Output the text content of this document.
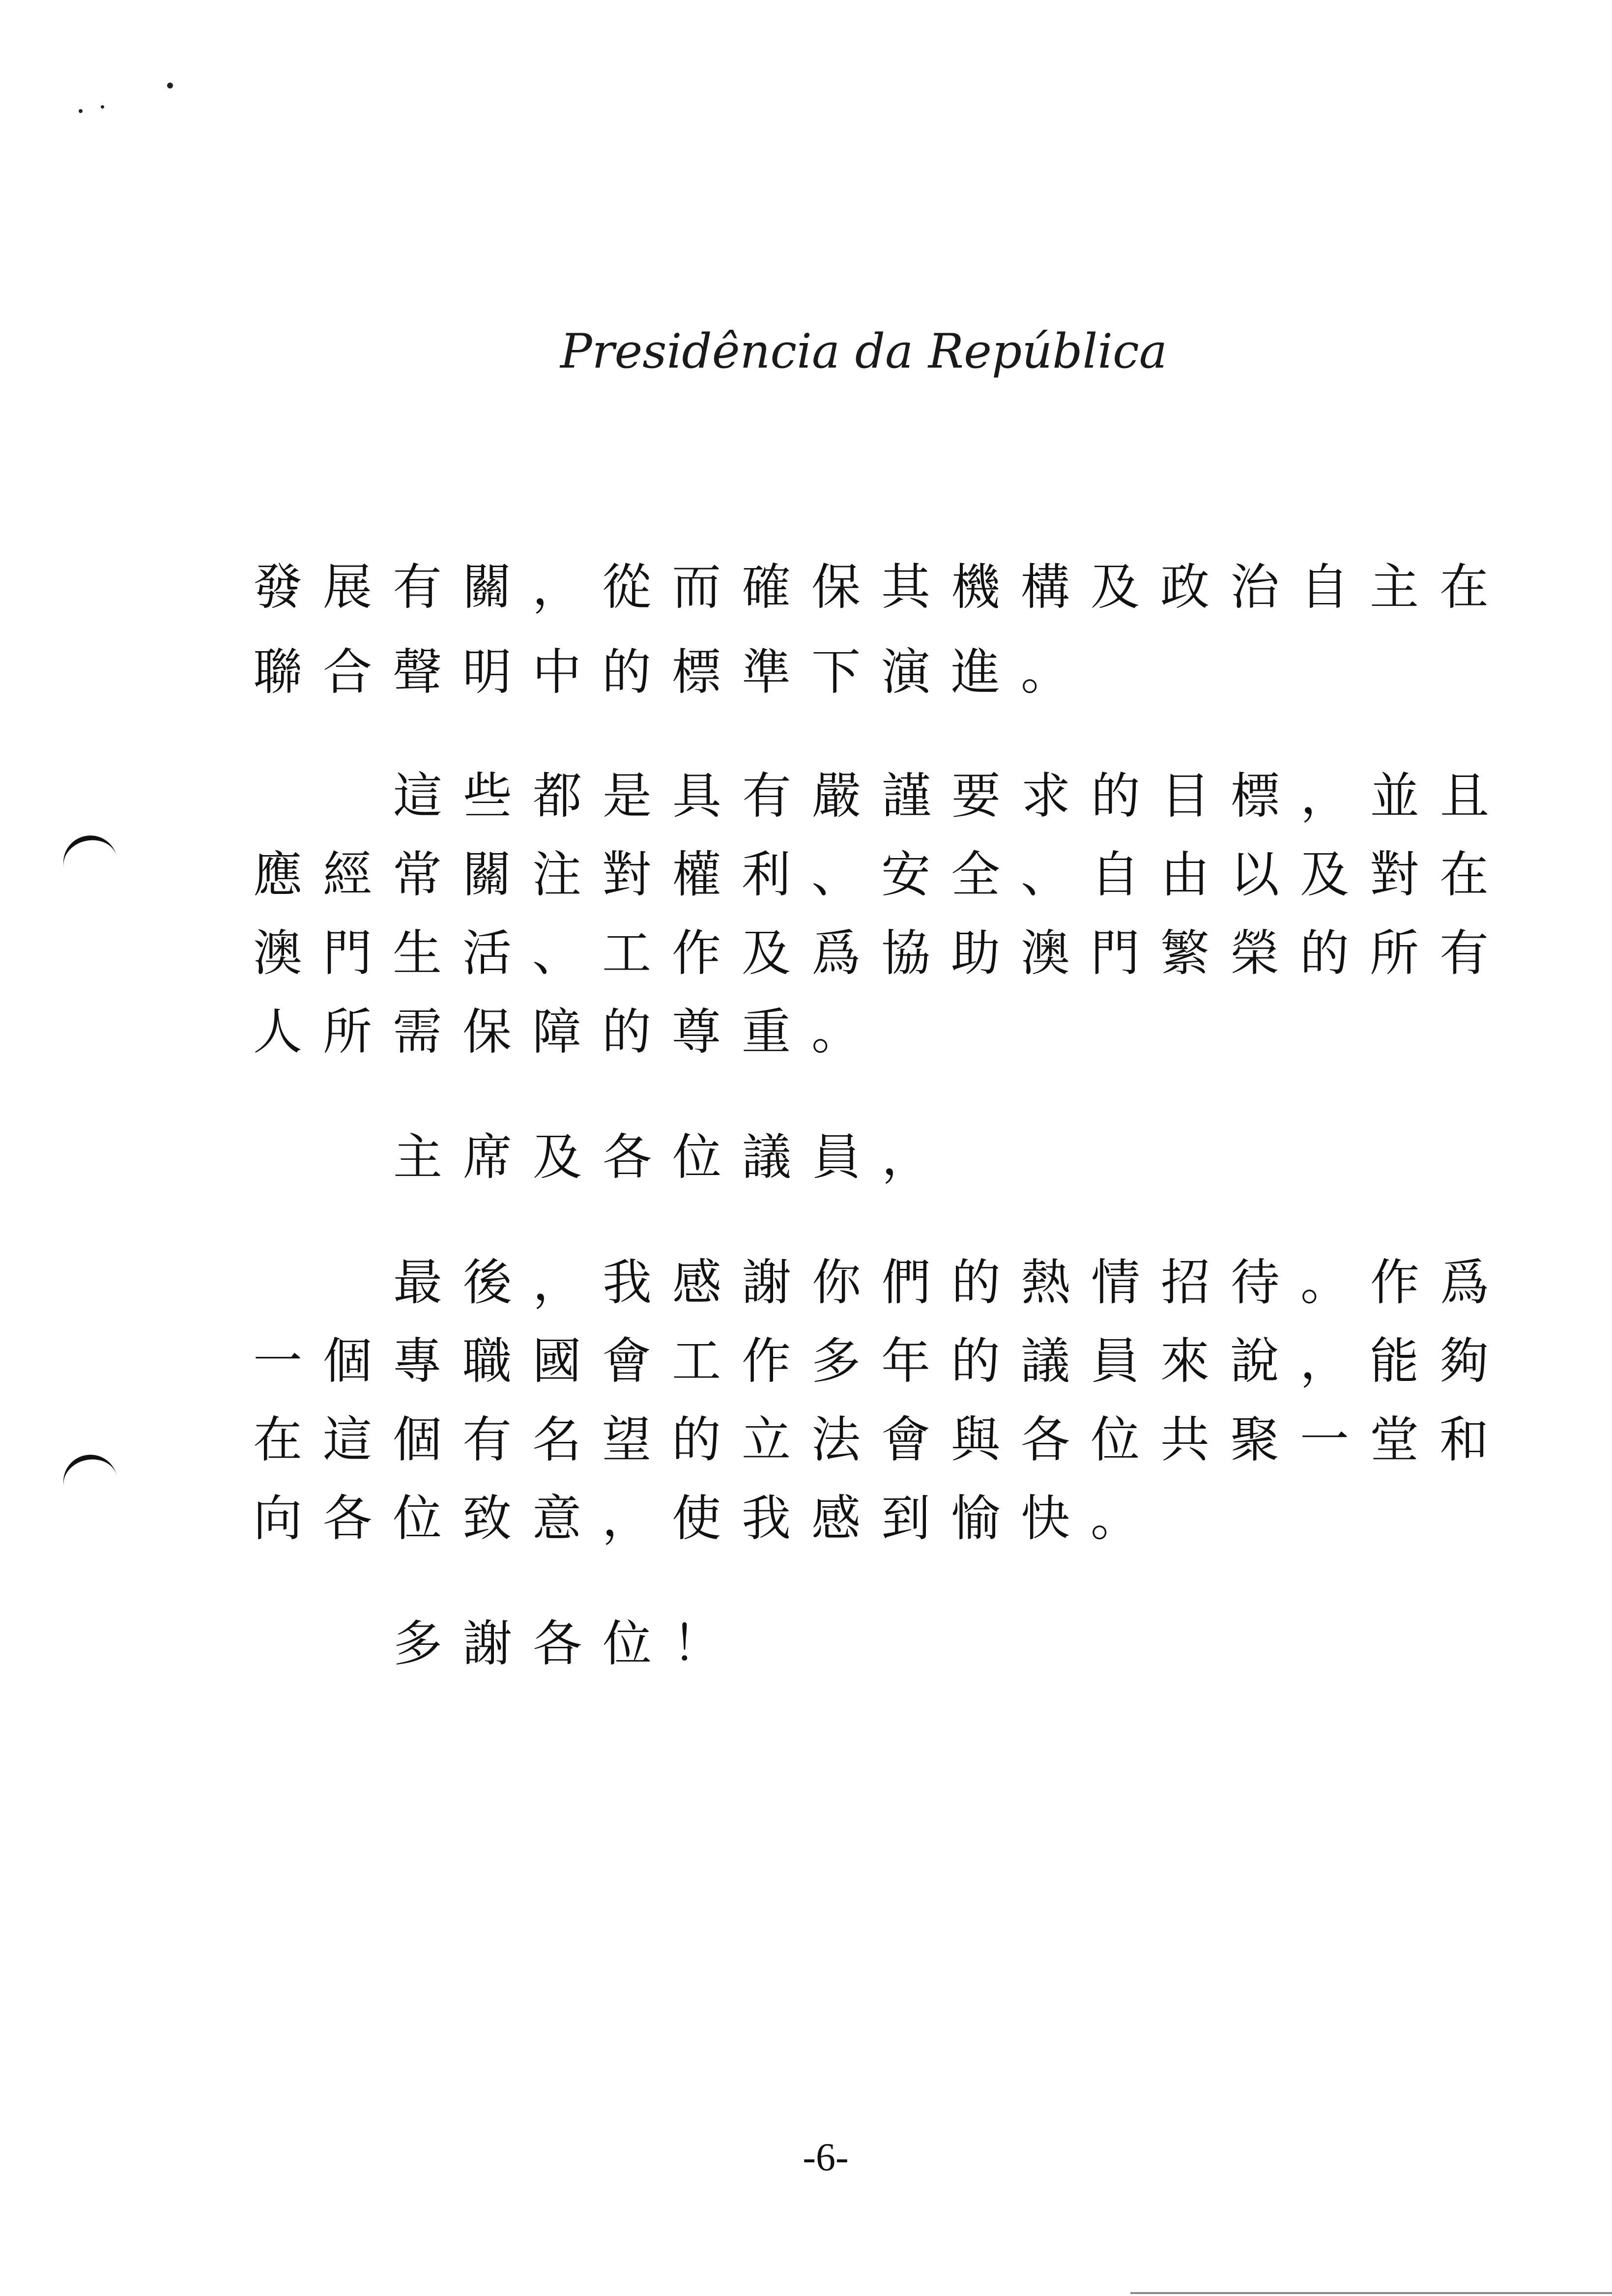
Presidência da República
發展有關，從而確保其機構及政治自主在
聯合聲明中的標準下演進。
這些都是具有嚴謹要求的目標，並且
應經常關注對權利、安全、自由以及對在
澳門生活、工作及爲協助澳門繁榮的所有
人所需保障的尊重。
主席及各位議員，
最後，我感謝你們的熱情招待。作爲
一個專職國會工作多年的議員來說，能夠
在這個有名望的立法會與各位共聚一堂和
向各位致意，使我感到愉快。
多謝各位！
-6-
